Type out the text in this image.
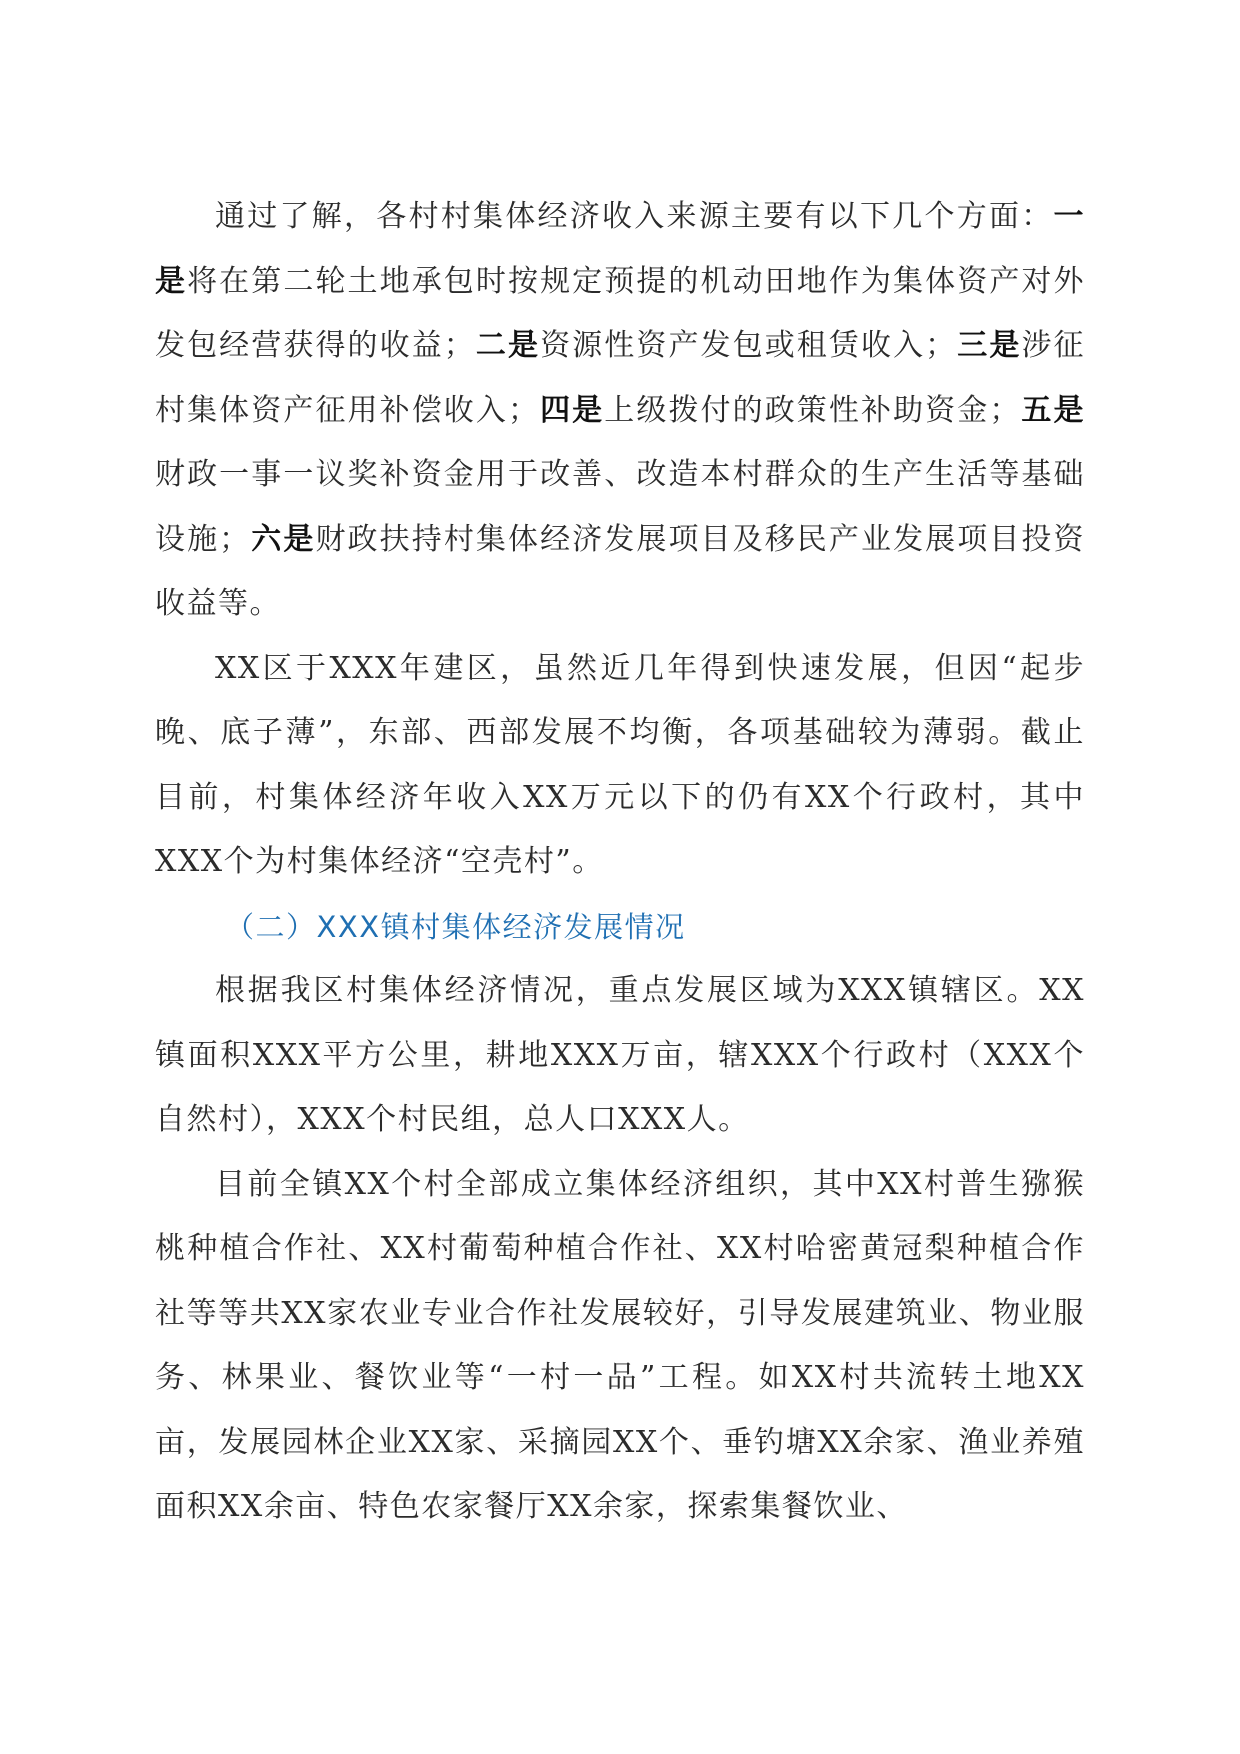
通过了解，各村村集体经济收入来源主要有以下几个方面：一是将在第二轮土地承包时按规定预提的机动田地作为集体资产对外发包经营获得的收益；二是资源性资产发包或租赁收入；三是涉征村集体资产征用补偿收入；四是上级拨付的政策性补助资金；五是财政一事一议奖补资金用于改善、改造本村群众的生产生活等基础设施；六是财政扶持村集体经济发展项目及移民产业发展项目投资收益等。

XX区于XXX年建区，虽然近几年得到快速发展，但因“起步晚、底子薄”，东部、西部发展不均衡，各项基础较为薄弱。截止目前，村集体经济年收入XX万元以下的仍有XX个行政村，其中XXX个为村集体经济“空壳村”。

（二）XXX镇村集体经济发展情况

根据我区村集体经济情况，重点发展区域为XXX镇辖区。XX镇面积XXX平方公里，耕地XXX万亩，辖XXX个行政村（XXX个自然村），XXX个村民组，总人口XXX人。

目前全镇XX个村全部成立集体经济组织，其中XX村普生猕猴桃种植合作社、XX村葡萄种植合作社、XX村哈密黄冠梨种植合作社等等共XX家农业专业合作社发展较好，引导发展建筑业、物业服务、林果业、餐饮业等“一村一品”工程。如XX村共流转土地XX亩，发展园林企业XX家、采摘园XX个、垂钓塘XX余家、渔业养殖面积XX余亩、特色农家餐厅XX余家，探索集餐饮业、
